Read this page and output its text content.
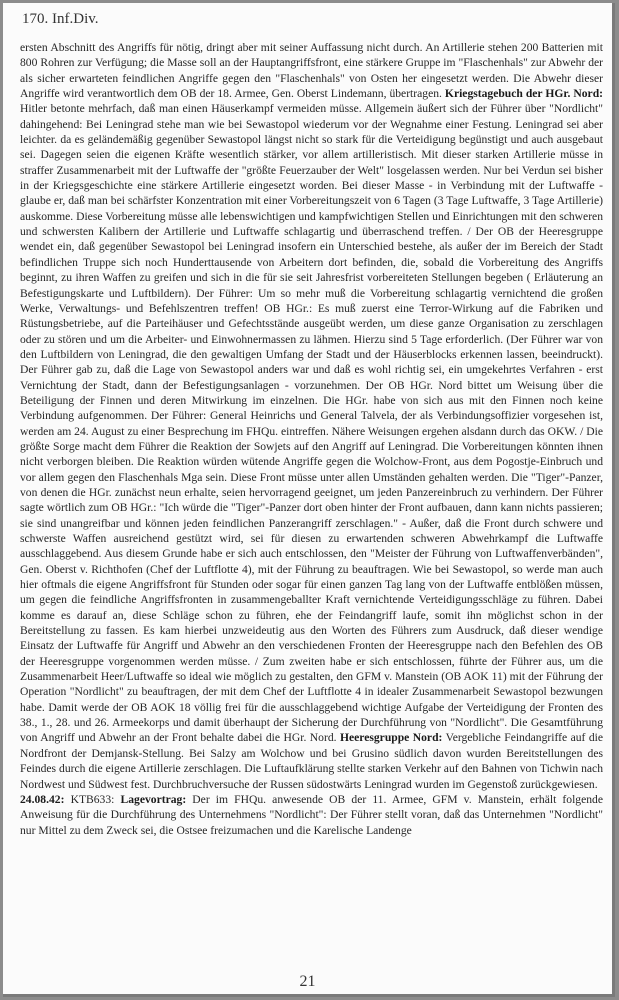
170. Inf.Div.

ersten Abschnitt des Angriffs für nötig, dringt aber mit seiner Auffassung nicht durch. An Artillerie stehen 200 Batterien mit 800 Rohren zur Verfügung; die Masse soll an der Hauptangriffsfront, eine stärkere Gruppe im "Flaschenhals" zur Abwehr der als sicher erwarteten feindlichen Angriffe gegen den "Flaschenhals" von Osten her eingesetzt werden. Die Abwehr dieser Angriffe wird verantwortlich dem OB der 18. Armee, Gen. Oberst Lindemann, übertragen. Kriegstagebuch der HGr. Nord: Hitler betonte mehrfach, daß man einen Häuserkampf vermeiden müsse. Allgemein äußert sich der Führer über "Nordlicht" dahingehend: Bei Leningrad stehe man wie bei Sewastopol wiederum vor der Wegnahme einer Festung. Leningrad sei aber leichter. da es geländemäßig gegenüber Sewastopol längst nicht so stark für die Verteidigung begünstigt und auch ausgebaut sei. Dagegen seien die eigenen Kräfte wesentlich stärker, vor allem artilleristisch. Mit dieser starken Artillerie müsse in straffer Zusammenarbeit mit der Luftwaffe der "größte Feuerzauber der Welt" losgelassen werden. Nur bei Verdun sei bisher in der Kriegsgeschichte eine stärkere Artillerie eingesetzt worden. Bei dieser Masse - in Verbindung mit der Luftwaffe - glaube er, daß man bei schärfster Konzentration mit einer Vorbereitungszeit von 6 Tagen (3 Tage Luftwaffe, 3 Tage Artillerie) auskomme. Diese Vorbereitung müsse alle lebenswichtigen und kampfwichtigen Stellen und Einrichtungen mit den schweren und schwersten Kalibern der Artillerie und Luftwaffe schlagartig und überraschend treffen. / Der OB der Heeresgruppe wendet ein, daß gegenüber Sewastopol bei Leningrad insofern ein Unterschied bestehe, als außer der im Bereich der Stadt befindlichen Truppe sich noch Hunderttausende von Arbeitern dort befinden, die, sobald die Vorbereitung des Angriffs beginnt, zu ihren Waffen zu greifen und sich in die für sie seit Jahresfrist vorbereiteten Stellungen begeben ( Erläuterung an Befestigungskarte und Luftbildern). Der Führer: Um so mehr muß die Vorbereitung schlagartig vernichtend die großen Werke, Verwaltungs- und Befehlszentren treffen! OB HGr.: Es muß zuerst eine Terror-Wirkung auf die Fabriken und Rüstungsbetriebe, auf die Parteihäuser und Gefechtsstände ausgeübt werden, um diese ganze Organisation zu zerschlagen oder zu stören und um die Arbeiter- und Einwohnermassen zu lähmen. Hierzu sind 5 Tage erforderlich. (Der Führer war von den Luftbildern von Leningrad, die den gewaltigen Umfang der Stadt und der Häuserblocks erkennen lassen, beeindruckt). Der Führer gab zu, daß die Lage von Sewastopol anders war und daß es wohl richtig sei, ein umgekehrtes Verfahren - erst Vernichtung der Stadt, dann der Befestigungsanlagen - vorzunehmen. Der OB HGr. Nord bittet um Weisung über die Beteiligung der Finnen und deren Mitwirkung im einzelnen. Die HGr. habe von sich aus mit den Finnen noch keine Verbindung aufgenommen. Der Führer: General Heinrichs und General Talvela, der als Verbindungsoffizier vorgesehen ist, werden am 24. August zu einer Besprechung im FHQu. eintreffen. Nähere Weisungen ergehen alsdann durch das OKW. / Die größte Sorge macht dem Führer die Reaktion der Sowjets auf den Angriff auf Leningrad. Die Vorbereitungen könnten ihnen nicht verborgen bleiben. Die Reaktion würden wütende Angriffe gegen die Wolchow-Front, aus dem Pogostje-Einbruch und vor allem gegen den Flaschenhals Mga sein. Diese Front müsse unter allen Umständen gehalten werden. Die "Tiger"-Panzer, von denen die HGr. zunächst neun erhalte, seien hervorragend geeignet, um jeden Panzereinbruch zu verhindern. Der Führer sagte wörtlich zum OB HGr.: "Ich würde die "Tiger"-Panzer dort oben hinter der Front aufbauen, dann kann nichts passieren; sie sind unangreifbar und können jeden feindlichen Panzerangriff zerschlagen." - Außer, daß die Front durch schwere und schwerste Waffen ausreichend gestützt wird, sei für diesen zu erwartenden schweren Abwehrkampf die Luftwaffe ausschlaggebend. Aus diesem Grunde habe er sich auch entschlossen, den "Meister der Führung von Luftwaffenverbänden", Gen. Oberst v. Richthofen (Chef der Luftflotte 4), mit der Führung zu beauftragen. Wie bei Sewastopol, so werde man auch hier oftmals die eigene Angriffsfront für Stunden oder sogar für einen ganzen Tag lang von der Luftwaffe entblößen müssen, um gegen die feindliche Angriffsfronten in zusammengeballter Kraft vernichtende Verteidigungsschläge zu führen. Dabei komme es darauf an, diese Schläge schon zu führen, ehe der Feindangriff laufe, somit ihn möglichst schon in der Bereitstellung zu fassen. Es kam hierbei unzweideutig aus den Worten des Führers zum Ausdruck, daß dieser wendige Einsatz der Luftwaffe für Angriff und Abwehr an den verschiedenen Fronten der Heeresgruppe nach den Befehlen des OB der Heeresgruppe vorgenommen werden müsse. / Zum zweiten habe er sich entschlossen, führte der Führer aus, um die Zusammenarbeit Heer/Luftwaffe so ideal wie möglich zu gestalten, den GFM v. Manstein (OB AOK 11) mit der Führung der Operation "Nordlicht" zu beauftragen, der mit dem Chef der Luftflotte 4 in idealer Zusammenarbeit Sewastopol bezwungen habe. Damit werde der OB AOK 18 völlig frei für die ausschlaggebend wichtige Aufgabe der Verteidigung der Fronten des 38., 1., 28. und 26. Armeekorps und damit überhaupt der Sicherung der Durchführung von "Nordlicht". Die Gesamtführung von Angriff und Abwehr an der Front behalte dabei die HGr. Nord. Heeresgruppe Nord: Vergebliche Feindangriffe auf die Nordfront der Demjansk-Stellung. Bei Salzy am Wolchow und bei Grusino südlich davon wurden Bereitstellungen des Feindes durch die eigene Artillerie zerschlagen. Die Luftaufklärung stellte starken Verkehr auf den Bahnen von Tichwin nach Nordwest und Südwest fest. Durchbruchversuche der Russen südostwärts Leningrad wurden im Gegenstoß zurückgewiesen.

24.08.42: KTB633: Lagevortrag: Der im FHQu. anwesende OB der 11. Armee, GFM v. Manstein, erhält folgende Anweisung für die Durchführung des Unternehmens "Nordlicht": Der Führer stellt voran, daß das Unternehmen "Nordlicht" nur Mittel zu dem Zweck sei, die Ostsee freizumachen und die Karelische Landenge

21
